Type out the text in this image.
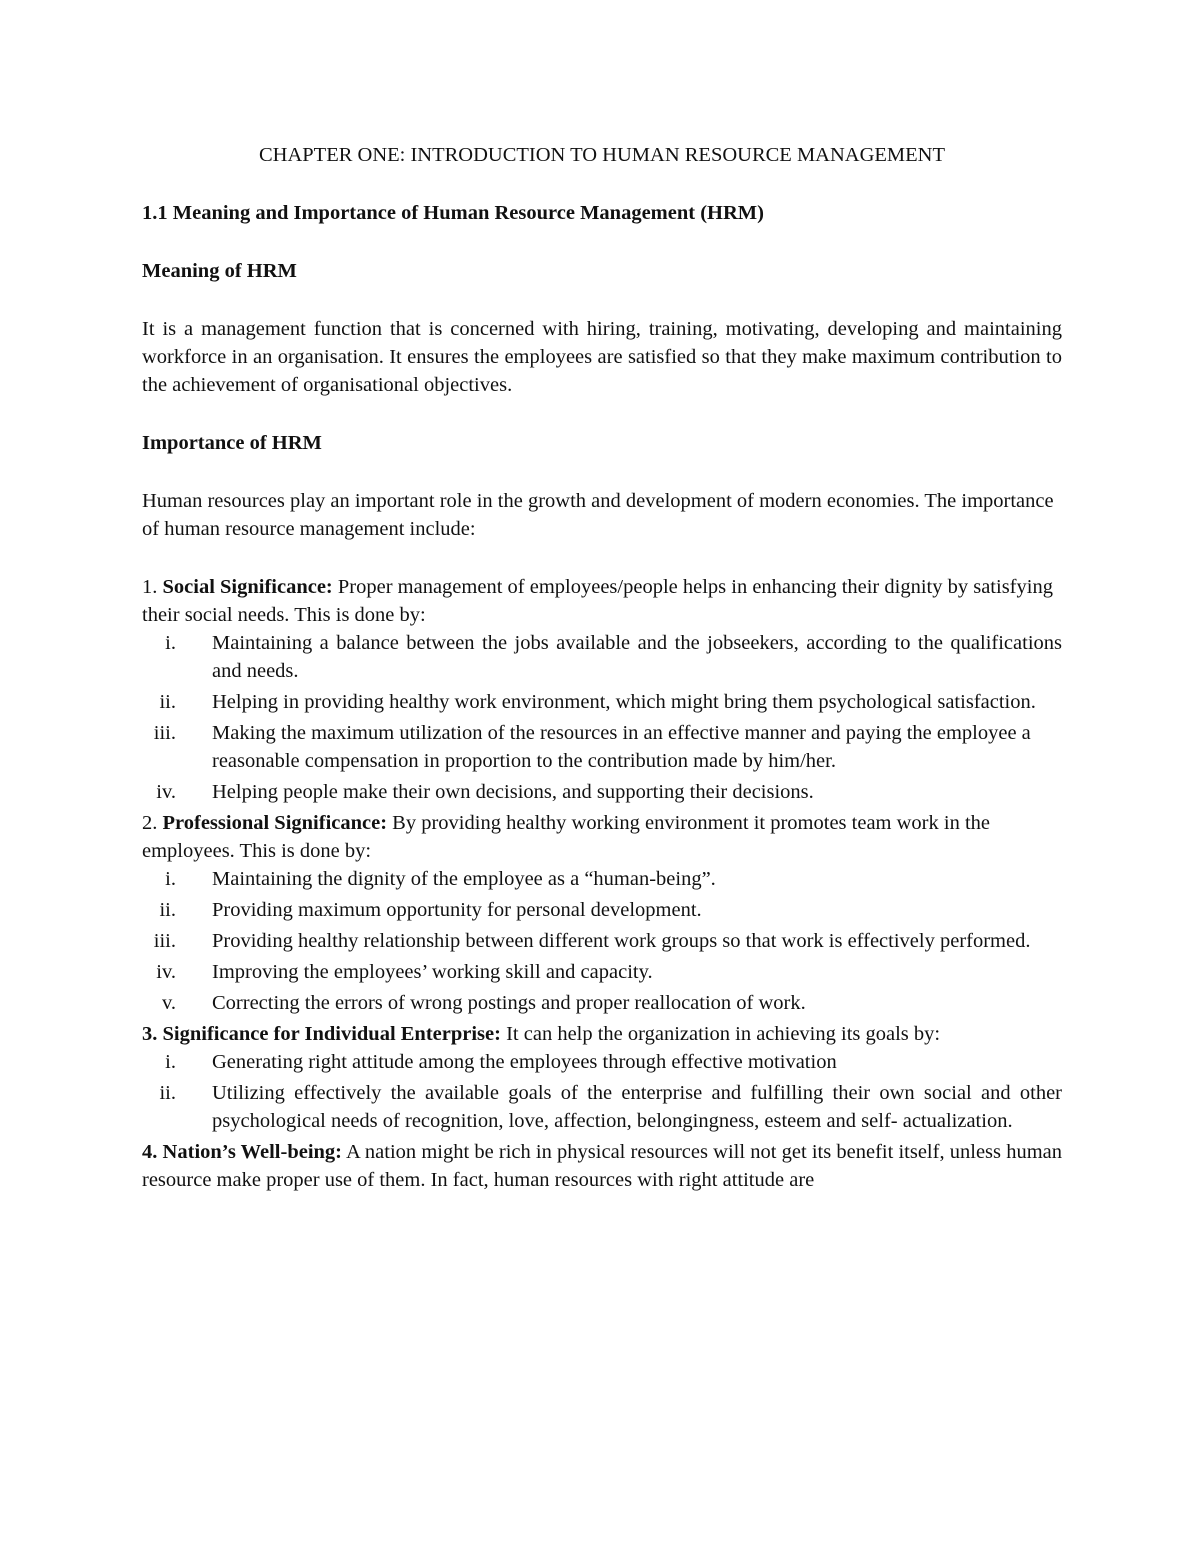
CHAPTER ONE: INTRODUCTION TO HUMAN RESOURCE MANAGEMENT

1.1 Meaning and Importance of Human Resource Management (HRM)

Meaning of HRM

It is a management function that is concerned with hiring, training, motivating, developing and maintaining workforce in an organisation. It ensures the employees are satisfied so that they make maximum contribution to the achievement of organisational objectives.

Importance of HRM

Human resources play an important role in the growth and development of modern economies. The importance of human resource management include:

1. Social Significance: Proper management of employees/people helps in enhancing their dignity by satisfying their social needs. This is done by:

i. Maintaining a balance between the jobs available and the jobseekers, according to the qualifications and needs.
ii. Helping in providing healthy work environment, which might bring them psychological satisfaction.
iii. Making the maximum utilization of the resources in an effective manner and paying the employee a reasonable compensation in proportion to the contribution made by him/her.
iv. Helping people make their own decisions, and supporting their decisions.

2. Professional Significance: By providing healthy working environment it promotes team work in the employees. This is done by:

i. Maintaining the dignity of the employee as a “human-being”.
ii. Providing maximum opportunity for personal development.
iii. Providing healthy relationship between different work groups so that work is effectively performed.
iv. Improving the employees’ working skill and capacity.
v. Correcting the errors of wrong postings and proper reallocation of work.

3. Significance for Individual Enterprise: It can help the organization in achieving its goals by:

i. Generating right attitude among the employees through effective motivation
ii. Utilizing effectively the available goals of the enterprise and fulfilling their own social and other psychological needs of recognition, love, affection, belongingness, esteem and self- actualization.

4. Nation’s Well-being: A nation might be rich in physical resources will not get its benefit itself, unless human resource make proper use of them. In fact, human resources with right attitude are
